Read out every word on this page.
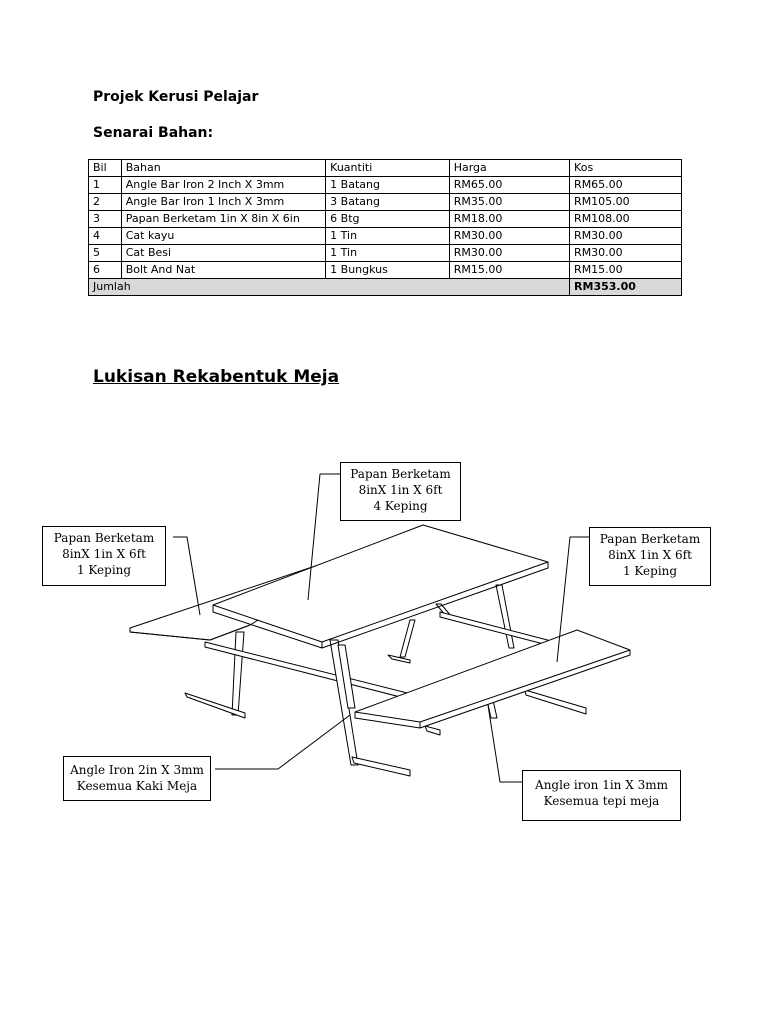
Projek Kerusi Pelajar
Senarai Bahan:
Bil	Bahan	Kuantiti	Harga	Kos
1	Angle Bar Iron 2 Inch X 3mm	1 Batang	RM65.00	RM65.00
2	Angle Bar Iron 1 Inch X 3mm	3 Batang	RM35.00	RM105.00
3	Papan Berketam 1in X 8in X 6in	6 Btg	RM18.00	RM108.00
4	Cat kayu	1 Tin	RM30.00	RM30.00
5	Cat Besi	1 Tin	RM30.00	RM30.00
6	Bolt And Nat	1 Bungkus	RM15.00	RM15.00
Jumlah				RM353.00
Lukisan Rekabentuk Meja
Papan Berketam
8inX 1in X 6ft
4 Keping
Papan Berketam
8inX 1in X 6ft
1 Keping
Papan Berketam
8inX 1in X 6ft
1 Keping
Angle Iron 2in X 3mm
Kesemua Kaki Meja	Angle iron 1in X 3mm
Kesemua tepi meja
